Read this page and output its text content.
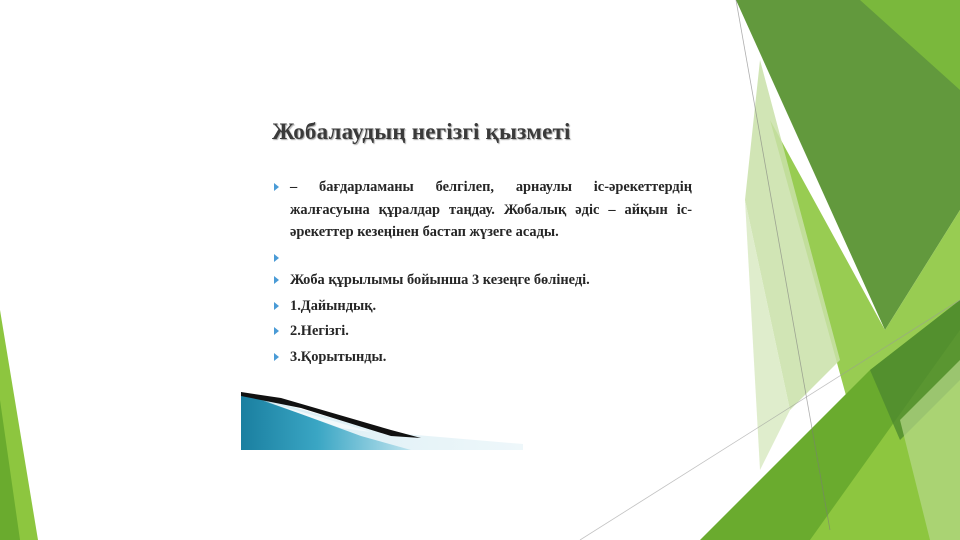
Жобалаудың негізгі қызметі
– бағдарламаны белгілеп, арнаулы іс-әрекеттердің жалғасуына құралдар таңдау. Жобалық әдіс – айқын іс-әрекеттер кезеңінен бастап жүзеге асады.
Жоба құрылымы бойынша 3 кезеңге бөлінеді.
1.Дайындық.
2.Негізгі.
3.Қорытынды.
